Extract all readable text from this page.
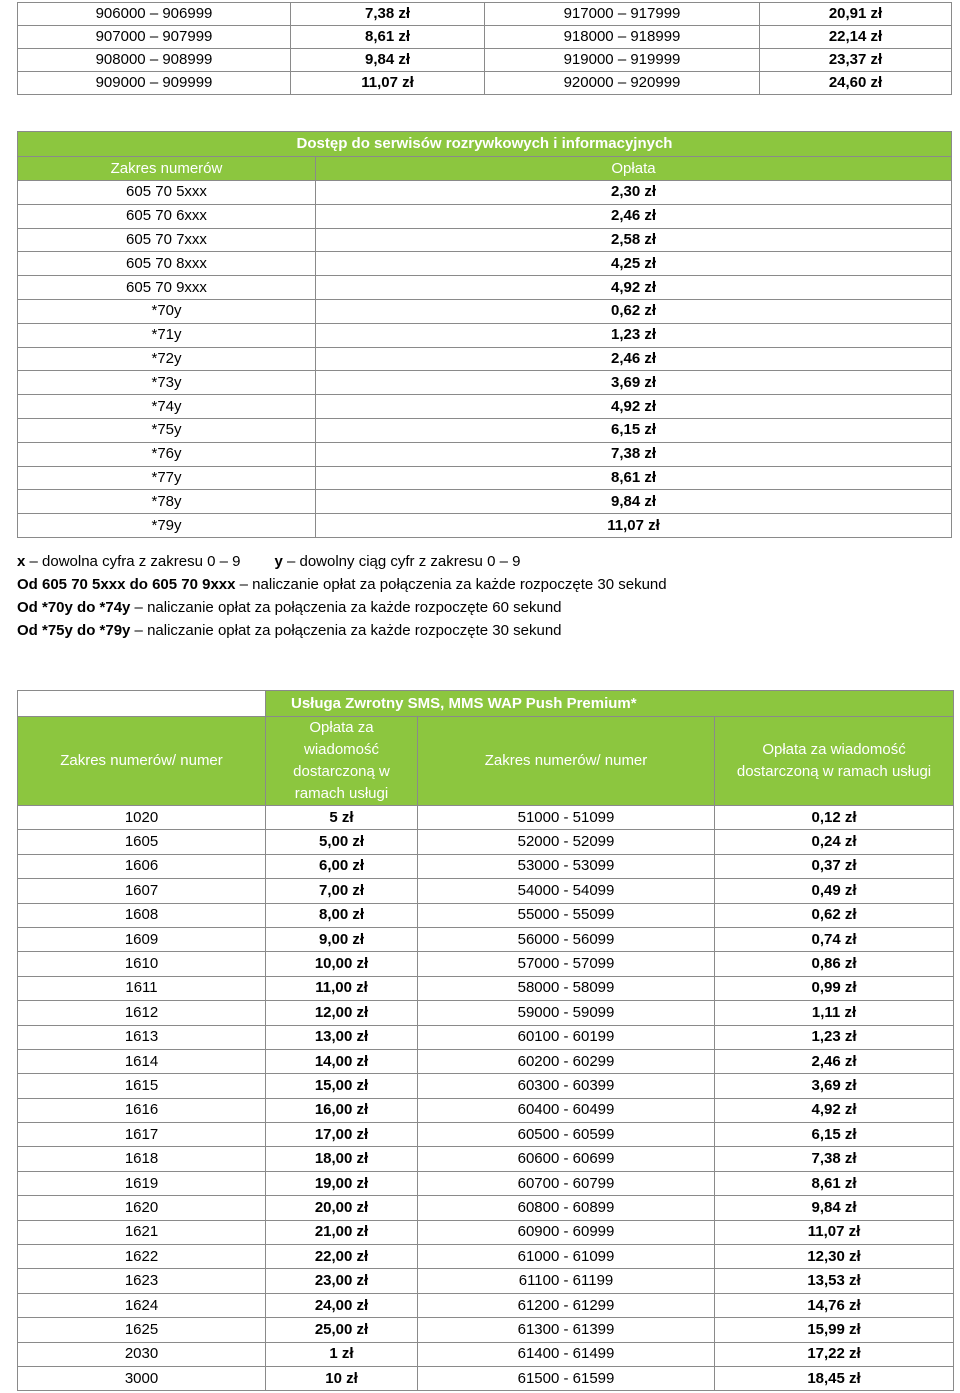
906000 – 906999	7,38 zł	917000 – 917999	20,91 zł
907000 – 907999	8,61 zł	918000 – 918999	22,14 zł
908000 – 908999	9,84 zł	919000 – 919999	23,37 zł
909000 – 909999	11,07 zł	920000 – 920999	24,60 zł
Dostęp do serwisów rozrywkowych i informacyjnych	
Zakres numerów	Opłata
605 70 5xxx	2,30 zł
605 70 6xxx	2,46 zł
605 70 7xxx	2,58 zł
605 70 8xxx	4,25 zł
605 70 9xxx	4,92 zł
*70y	0,62 zł
*71y	1,23 zł
*72y	2,46 zł
*73y	3,69 zł
*74y	4,92 zł
*75y	6,15 zł
*76y	7,38 zł
*77y	8,61 zł
*78y	9,84 zł
*79y	11,07 zł
x – dowolna cyfra z zakresu 0 – 9 y – dowolny ciąg cyfr z zakresu 0 – 9
Od 605 70 5xxx do 605 70 9xxx – naliczanie opłat za połączenia za każde rozpoczęte 30 sekund
Od *70y do *74y – naliczanie opłat za połączenia za każde rozpoczęte 60 sekund
Od *75y do *79y – naliczanie opłat za połączenia za każde rozpoczęte 30 sekund
	Usługa Zwrotny SMS, MMS WAP Push Premium*		
Zakres numerów/ numer	Opłata za wiadomość dostarczoną w ramach usługi	Zakres numerów/ numer	Opłata za wiadomość dostarczoną w ramach usługi
1020	5 zł	51000 - 51099	0,12 zł
1605	5,00 zł	52000 - 52099	0,24 zł
1606	6,00 zł	53000 - 53099	0,37 zł
1607	7,00 zł	54000 - 54099	0,49 zł
1608	8,00 zł	55000 - 55099	0,62 zł
1609	9,00 zł	56000 - 56099	0,74 zł
1610	10,00 zł	57000 - 57099	0,86 zł
1611	11,00 zł	58000 - 58099	0,99 zł
1612	12,00 zł	59000 - 59099	1,11 zł
1613	13,00 zł	60100 - 60199	1,23 zł
1614	14,00 zł	60200 - 60299	2,46 zł
1615	15,00 zł	60300 - 60399	3,69 zł
1616	16,00 zł	60400 - 60499	4,92 zł
1617	17,00 zł	60500 - 60599	6,15 zł
1618	18,00 zł	60600 - 60699	7,38 zł
1619	19,00 zł	60700 - 60799	8,61 zł
1620	20,00 zł	60800 - 60899	9,84 zł
1621	21,00 zł	60900 - 60999	11,07 zł
1622	22,00 zł	61000 - 61099	12,30 zł
1623	23,00 zł	61100 - 61199	13,53 zł
1624	24,00 zł	61200 - 61299	14,76 zł
1625	25,00 zł	61300 - 61399	15,99 zł
2030	1 zł	61400 - 61499	17,22 zł
3000	10 zł	61500 - 61599	18,45 zł
